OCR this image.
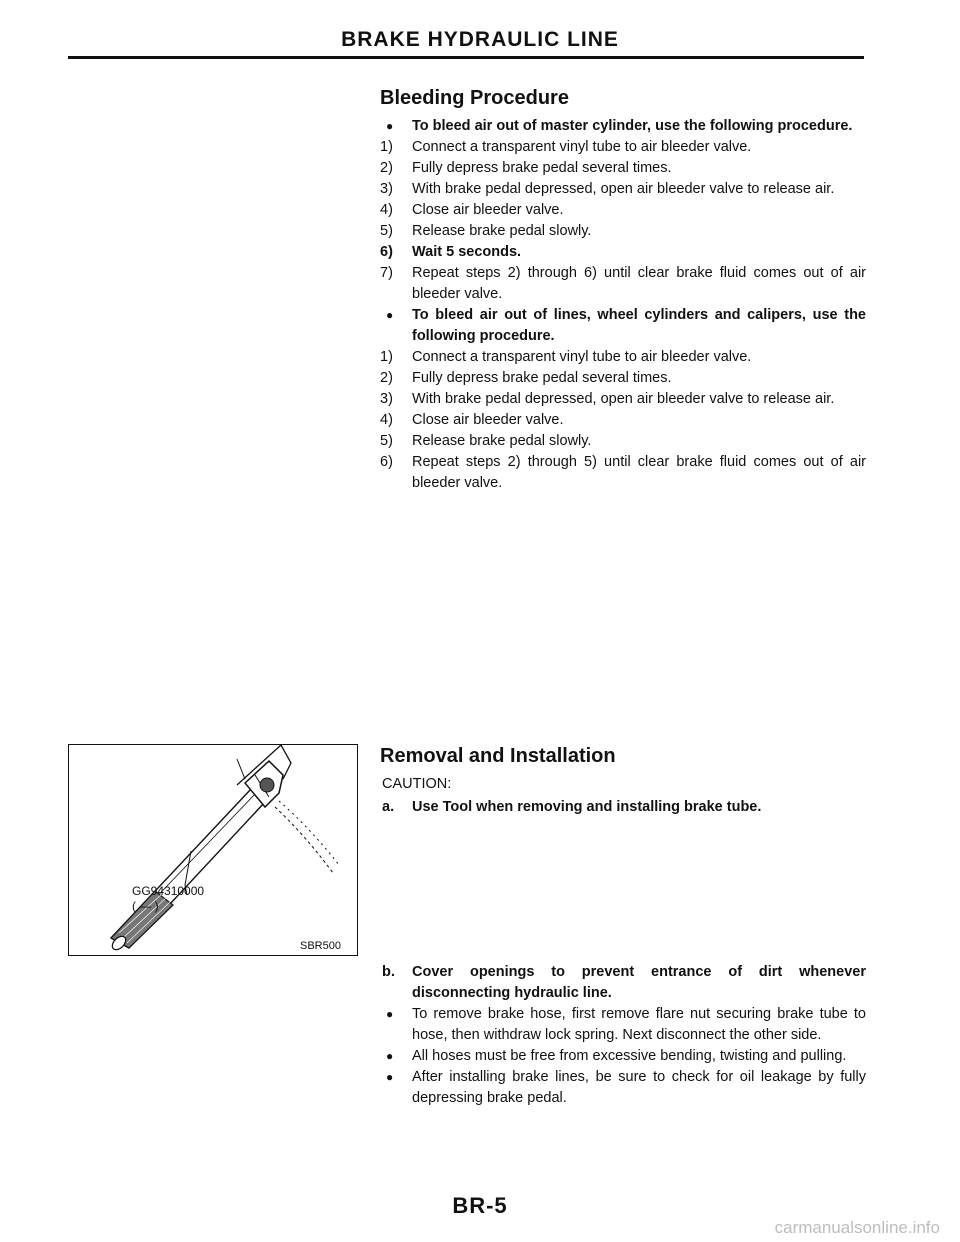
BRAKE HYDRAULIC LINE
Bleeding Procedure
●	To bleed air out of master cylinder, use the following procedure.
1)	Connect a transparent vinyl tube to air bleeder valve.
2)	Fully depress brake pedal several times.
3)	With brake pedal depressed, open air bleeder valve to release air.
4)	Close air bleeder valve.
5)	Release brake pedal slowly.
6)	Wait 5 seconds.
7)	Repeat steps 2) through 6) until clear brake fluid comes out of air bleeder valve.
●	To bleed air out of lines, wheel cylinders and calipers, use the following procedure.
1)	Connect a transparent vinyl tube to air bleeder valve.
2)	Fully depress brake pedal several times.
3)	With brake pedal depressed, open air bleeder valve to release air.
4)	Close air bleeder valve.
5)	Release brake pedal slowly.
6)	Repeat steps 2) through 5) until clear brake fluid comes out of air bleeder valve.
Removal and Installation
CAUTION:
a.	Use Tool when removing and installing brake tube.
b.	Cover openings to prevent entrance of dirt whenever disconnecting hydraulic line.
●	To remove brake hose, first remove flare nut securing brake tube to hose, then withdraw lock spring. Next disconnect the other side.
●	All hoses must be free from excessive bending, twisting and pulling.
●	After installing brake lines, be sure to check for oil leakage by fully depressing brake pedal.
GG94310000
( — )
SBR500
BR-5
carmanualsonline.info
